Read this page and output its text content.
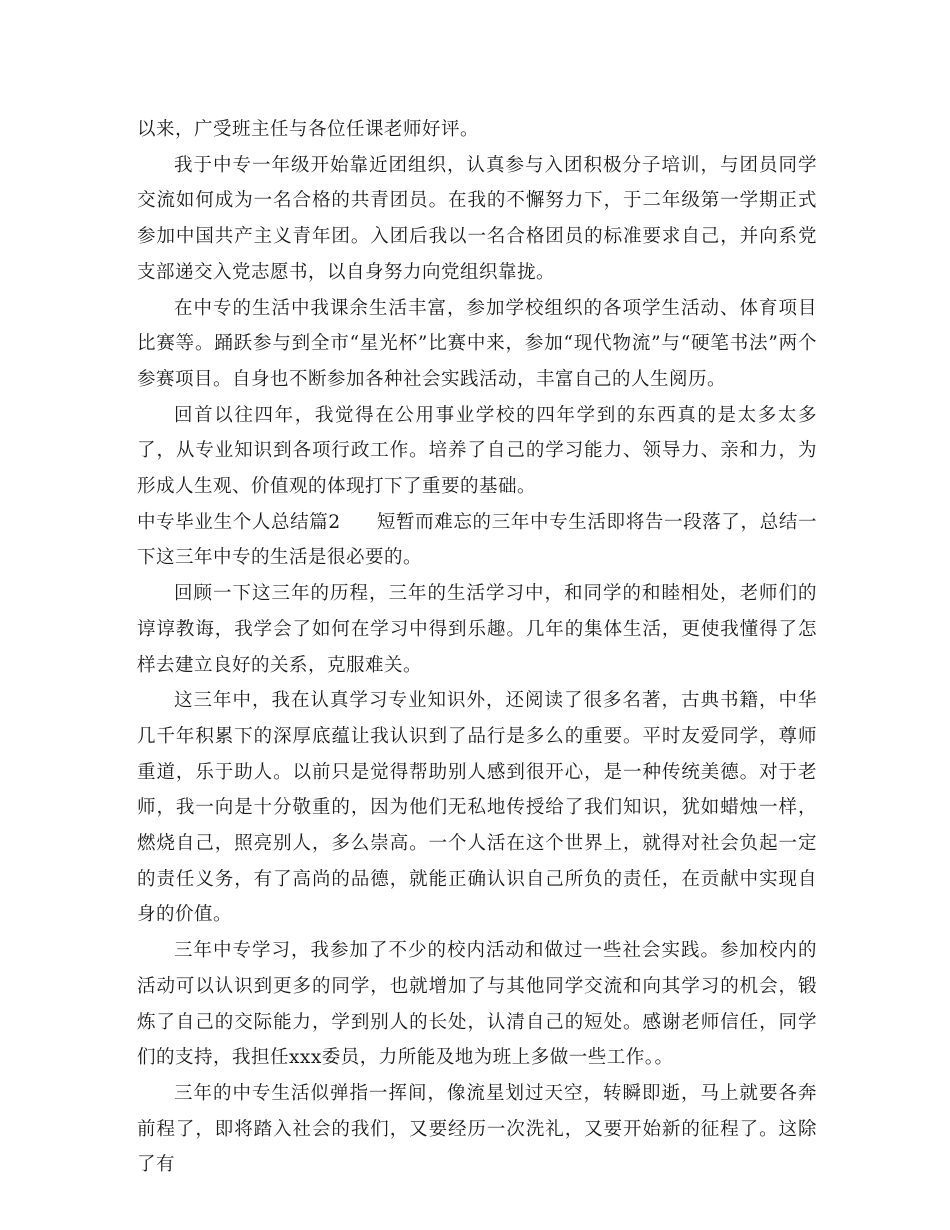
以来，广受班主任与各位任课老师好评。

我于中专一年级开始靠近团组织，认真参与入团积极分子培训，与团员同学交流如何成为一名合格的共青团员。在我的不懈努力下，于二年级第一学期正式参加中国共产主义青年团。入团后我以一名合格团员的标准要求自己，并向系党支部递交入党志愿书，以自身努力向党组织靠拢。

在中专的生活中我课余生活丰富，参加学校组织的各项学生活动、体育项目比赛等。踊跃参与到全市“星光杯”比赛中来，参加“现代物流”与“硬笔书法”两个参赛项目。自身也不断参加各种社会实践活动，丰富自己的人生阅历。

回首以往四年，我觉得在公用事业学校的四年学到的东西真的是太多太多了，从专业知识到各项行政工作。培养了自己的学习能力、领导力、亲和力，为形成人生观、价值观的体现打下了重要的基础。

中专毕业生个人总结篇2 短暂而难忘的三年中专生活即将告一段落了，总结一下这三年中专的生活是很必要的。

回顾一下这三年的历程，三年的生活学习中，和同学的和睦相处，老师们的谆谆教诲，我学会了如何在学习中得到乐趣。几年的集体生活，更使我懂得了怎样去建立良好的关系，克服难关。

这三年中，我在认真学习专业知识外，还阅读了很多名著，古典书籍，中华几千年积累下的深厚底蕴让我认识到了品行是多么的重要。平时友爱同学，尊师重道，乐于助人。以前只是觉得帮助别人感到很开心，是一种传统美德。对于老师，我一向是十分敬重的，因为他们无私地传授给了我们知识，犹如蜡烛一样，燃烧自己，照亮别人，多么崇高。一个人活在这个世界上，就得对社会负起一定的责任义务，有了高尚的品德，就能正确认识自己所负的责任，在贡献中实现自身的价值。

三年中专学习，我参加了不少的校内活动和做过一些社会实践。参加校内的活动可以认识到更多的同学，也就增加了与其他同学交流和向其学习的机会，锻炼了自己的交际能力，学到别人的长处，认清自己的短处。感谢老师信任，同学们的支持，我担任xxx委员，力所能及地为班上多做一些工作。。

三年的中专生活似弹指一挥间，像流星划过天空，转瞬即逝，马上就要各奔前程了，即将踏入社会的我们，又要经历一次洗礼，又要开始新的征程了。这除了有
